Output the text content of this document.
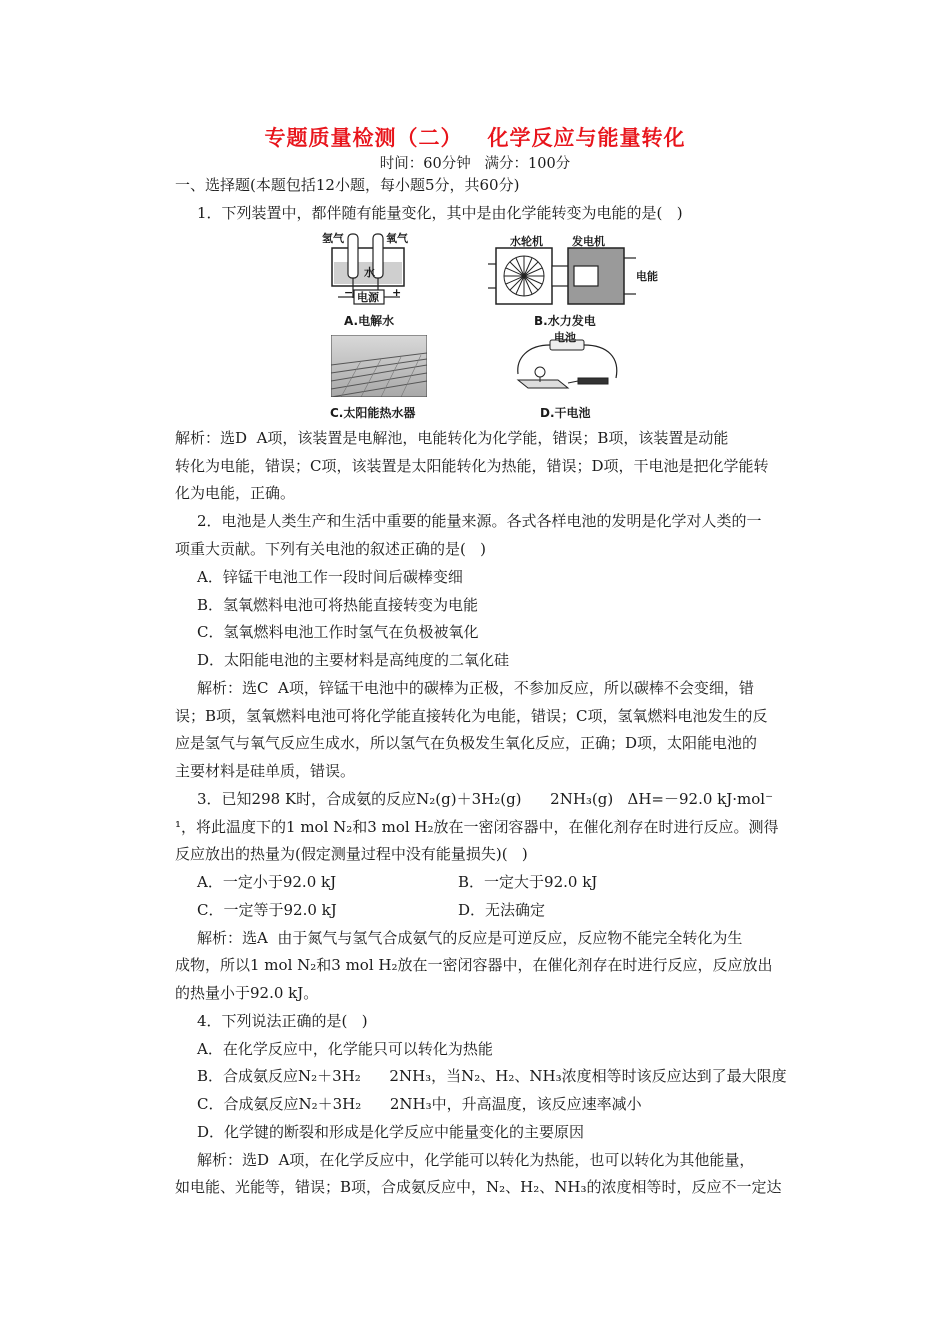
专题质量检测（二）   化学反应与能量转化
时间：60分钟   满分：100分
一、选择题(本题包括12小题，每小题5分，共60分)
1．下列装置中，都伴随有能量变化，其中是由化学能转变为电能的是(   )
解析：选D  A项，该装置是电解池，电能转化为化学能，错误；B项，该装置是动能
转化为电能，错误；C项，该装置是太阳能转化为热能，错误；D项，干电池是把化学能转
化为电能，正确。
2．电池是人类生产和生活中重要的能量来源。各式各样电池的发明是化学对人类的一
项重大贡献。下列有关电池的叙述正确的是(   )
A．锌锰干电池工作一段时间后碳棒变细
B．氢氧燃料电池可将热能直接转变为电能
C．氢氧燃料电池工作时氢气在负极被氧化
D．太阳能电池的主要材料是高纯度的二氧化硅
解析：选C  A项，锌锰干电池中的碳棒为正极，不参加反应，所以碳棒不会变细，错
误；B项，氢氧燃料电池可将化学能直接转化为电能，错误；C项，氢氧燃料电池发生的反
应是氢气与氧气反应生成水，所以氢气在负极发生氧化反应，正确；D项，太阳能电池的
主要材料是硅单质，错误。
3．已知298 K时，合成氨的反应N₂(g)＋3H₂(g)      2NH₃(g)   ΔH=－92.0 kJ·mol⁻
¹，将此温度下的1 mol N₂和3 mol H₂放在一密闭容器中，在催化剂存在时进行反应。测得
反应放出的热量为(假定测量过程中没有能量损失)(   )
A．一定小于92.0 kJ	B．一定大于92.0 kJ
C．一定等于92.0 kJ	D．无法确定
解析：选A  由于氮气与氢气合成氨气的反应是可逆反应，反应物不能完全转化为生
成物，所以1 mol N₂和3 mol H₂放在一密闭容器中，在催化剂存在时进行反应，反应放出
的热量小于92.0 kJ。
4．下列说法正确的是(   )
A．在化学反应中，化学能只可以转化为热能
B．合成氨反应N₂＋3H₂      2NH₃，当N₂、H₂、NH₃浓度相等时该反应达到了最大限度
C．合成氨反应N₂＋3H₂      2NH₃中，升高温度，该反应速率减小
D．化学键的断裂和形成是化学反应中能量变化的主要原因
解析：选D  A项，在化学反应中，化学能可以转化为热能，也可以转化为其他能量，
如电能、光能等，错误；B项，合成氨反应中，N₂、H₂、NH₃的浓度相等时，反应不一定达
氢气	氧气
水
电源
−	+
A.电解水
水轮机	发电机
电能
B.水力发电
C.太阳能热水器
电池
D.干电池
